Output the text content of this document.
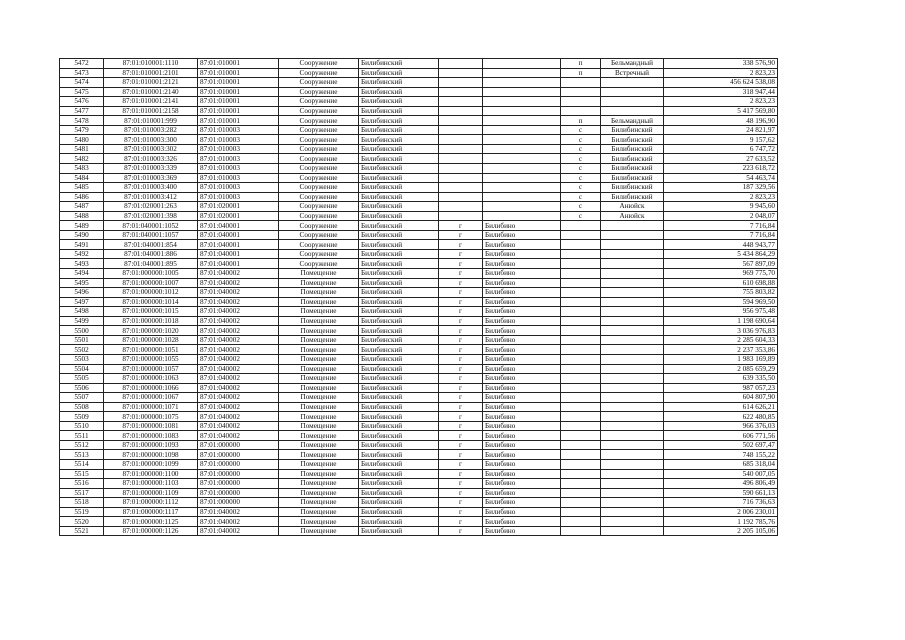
5472	87:01:010001:1110	87:01:010001	Сооружение	Билибинский			п	Бельмандный	338 576,90
5473	87:01:010001:2101	87:01:010001	Сооружение	Билибинский			п	Встречный	2 823,23
5474	87:01:010001:2121	87:01:010001	Сооружение	Билибинский					456 624 538,08
5475	87:01:010001:2140	87:01:010001	Сооружение	Билибинский					318 947,44
5476	87:01:010001:2141	87:01:010001	Сооружение	Билибинский					2 823,23
5477	87:01:010001:2158	87:01:010001	Сооружение	Билибинский					5 417 569,80
5478	87:01:010001:999	87:01:010001	Сооружение	Билибинский			п	Бельмандный	48 196,90
5479	87:01:010003:282	87:01:010003	Сооружение	Билибинский			с	Билибинский	24 821,97
5480	87:01:010003:300	87:01:010003	Сооружение	Билибинский			с	Билибинский	9 157,62
5481	87:01:010003:302	87:01:010003	Сооружение	Билибинский			с	Билибинский	6 747,72
5482	87:01:010003:326	87:01:010003	Сооружение	Билибинский			с	Билибинский	27 633,52
5483	87:01:010003:339	87:01:010003	Сооружение	Билибинский			с	Билибинский	223 618,72
5484	87:01:010003:369	87:01:010003	Сооружение	Билибинский			с	Билибинский	54 463,74
5485	87:01:010003:400	87:01:010003	Сооружение	Билибинский			с	Билибинский	187 329,56
5486	87:01:010003:412	87:01:010003	Сооружение	Билибинский			с	Билибинский	2 823,23
5487	87:01:020001:263	87:01:020001	Сооружение	Билибинский			с	Анюйск	9 945,60
5488	87:01:020001:398	87:01:020001	Сооружение	Билибинский			с	Анюйск	2 048,07
5489	87:01:040001:1052	87:01:040001	Сооружение	Билибинский	г	Билибино			7 716,84
5490	87:01:040001:1057	87:01:040001	Сооружение	Билибинский	г	Билибино			7 716,84
5491	87:01:040001:854	87:01:040001	Сооружение	Билибинский	г	Билибино			448 943,77
5492	87:01:040001:886	87:01:040001	Сооружение	Билибинский	г	Билибино			5 434 864,29
5493	87:01:040001:895	87:01:040001	Сооружение	Билибинский	г	Билибино			567 897,09
5494	87:01:000000:1005	87:01:040002	Помещение	Билибинский	г	Билибино			969 775,70
5495	87:01:000000:1007	87:01:040002	Помещение	Билибинский	г	Билибино			610 698,88
5496	87:01:000000:1012	87:01:040002	Помещение	Билибинский	г	Билибино			755 803,82
5497	87:01:000000:1014	87:01:040002	Помещение	Билибинский	г	Билибино			594 969,50
5498	87:01:000000:1015	87:01:040002	Помещение	Билибинский	г	Билибино			956 975,48
5499	87:01:000000:1018	87:01:040002	Помещение	Билибинский	г	Билибино			1 198 690,64
5500	87:01:000000:1020	87:01:040002	Помещение	Билибинский	г	Билибино			3 036 976,83
5501	87:01:000000:1028	87:01:040002	Помещение	Билибинский	г	Билибино			2 285 604,33
5502	87:01:000000:1051	87:01:040002	Помещение	Билибинский	г	Билибино			2 237 353,86
5503	87:01:000000:1055	87:01:040002	Помещение	Билибинский	г	Билибино			1 983 169,89
5504	87:01:000000:1057	87:01:040002	Помещение	Билибинский	г	Билибино			2 085 659,29
5505	87:01:000000:1063	87:01:040002	Помещение	Билибинский	г	Билибино			639 335,50
5506	87:01:000000:1066	87:01:040002	Помещение	Билибинский	г	Билибино			987 057,23
5507	87:01:000000:1067	87:01:040002	Помещение	Билибинский	г	Билибино			604 807,90
5508	87:01:000000:1071	87:01:040002	Помещение	Билибинский	г	Билибино			614 626,21
5509	87:01:000000:1075	87:01:040002	Помещение	Билибинский	г	Билибино			622 480,85
5510	87:01:000000:1081	87:01:040002	Помещение	Билибинский	г	Билибино			966 376,03
5511	87:01:000000:1083	87:01:040002	Помещение	Билибинский	г	Билибино			606 771,56
5512	87:01:000000:1093	87:01:000000	Помещение	Билибинский	г	Билибино			502 697,47
5513	87:01:000000:1098	87:01:000000	Помещение	Билибинский	г	Билибино			748 155,22
5514	87:01:000000:1099	87:01:000000	Помещение	Билибинский	г	Билибино			685 318,04
5515	87:01:000000:1100	87:01:000000	Помещение	Билибинский	г	Билибино			540 007,05
5516	87:01:000000:1103	87:01:000000	Помещение	Билибинский	г	Билибино			496 806,49
5517	87:01:000000:1109	87:01:000000	Помещение	Билибинский	г	Билибино			590 661,13
5518	87:01:000000:1112	87:01:000000	Помещение	Билибинский	г	Билибино			716 736,63
5519	87:01:000000:1117	87:01:040002	Помещение	Билибинский	г	Билибино			2 006 230,01
5520	87:01:000000:1125	87:01:040002	Помещение	Билибинский	г	Билибино			1 192 785,76
5521	87:01:000000:1126	87:01:040002	Помещение	Билибинский	г	Билибино			2 205 105,06
